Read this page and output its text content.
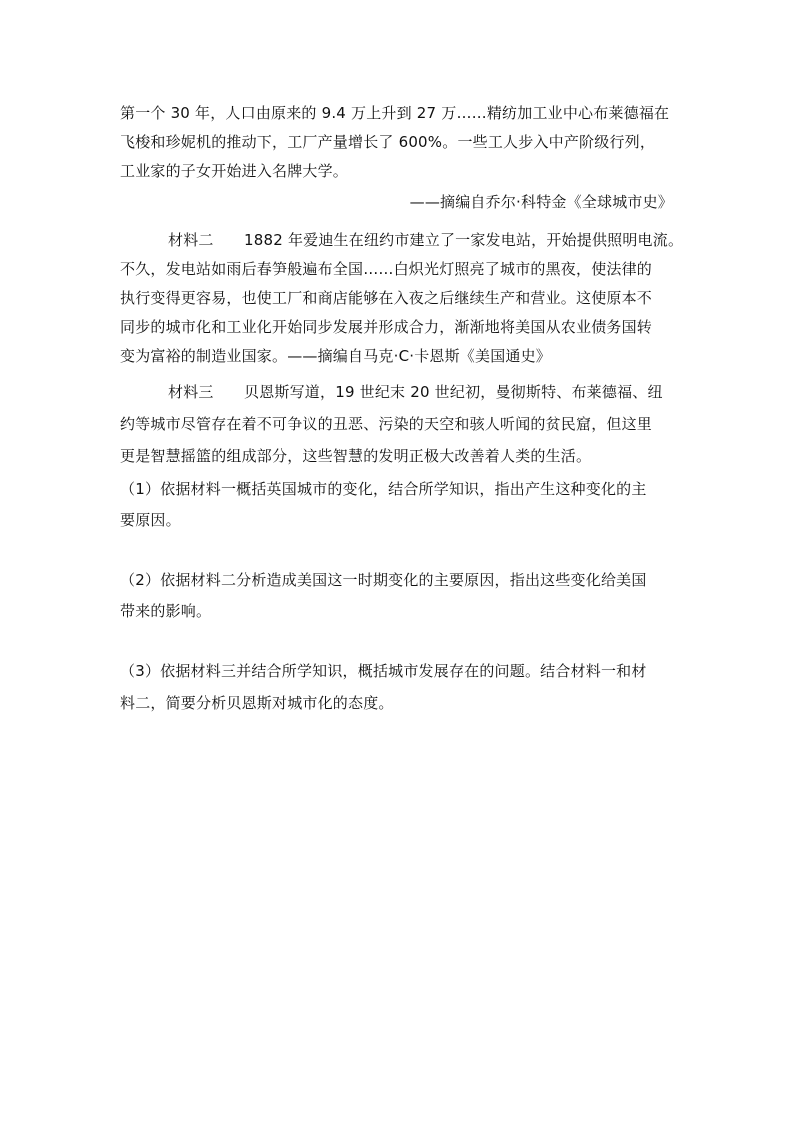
第一个 30 年，人口由原来的 9.4 万上升到 27 万……精纺加工业中心布莱德福在
飞梭和珍妮机的推动下，工厂产量增长了 600%。一些工人步入中产阶级行列，
工业家的子女开始进入名牌大学。
——摘编自乔尔·科特金《全球城市史》
材料二　　1882 年爱迪生在纽约市建立了一家发电站，开始提供照明电流。
不久，发电站如雨后春笋般遍布全国……白炽光灯照亮了城市的黑夜，使法律的
执行变得更容易，也使工厂和商店能够在入夜之后继续生产和营业。这使原本不
同步的城市化和工业化开始同步发展并形成合力，渐渐地将美国从农业债务国转
变为富裕的制造业国家。——摘编自马克·C·卡恩斯《美国通史》
材料三　　贝恩斯写道，19 世纪末 20 世纪初，曼彻斯特、布莱德福、纽
约等城市尽管存在着不可争议的丑恶、污染的天空和骇人听闻的贫民窟，但这里
更是智慧摇篮的组成部分，这些智慧的发明正极大改善着人类的生活。
（1）依据材料一概括英国城市的变化，结合所学知识，指出产生这种变化的主
要原因。
（2）依据材料二分析造成美国这一时期变化的主要原因，指出这些变化给美国
带来的影响。
（3）依据材料三并结合所学知识，概括城市发展存在的问题。结合材料一和材
料二，简要分析贝恩斯对城市化的态度。
